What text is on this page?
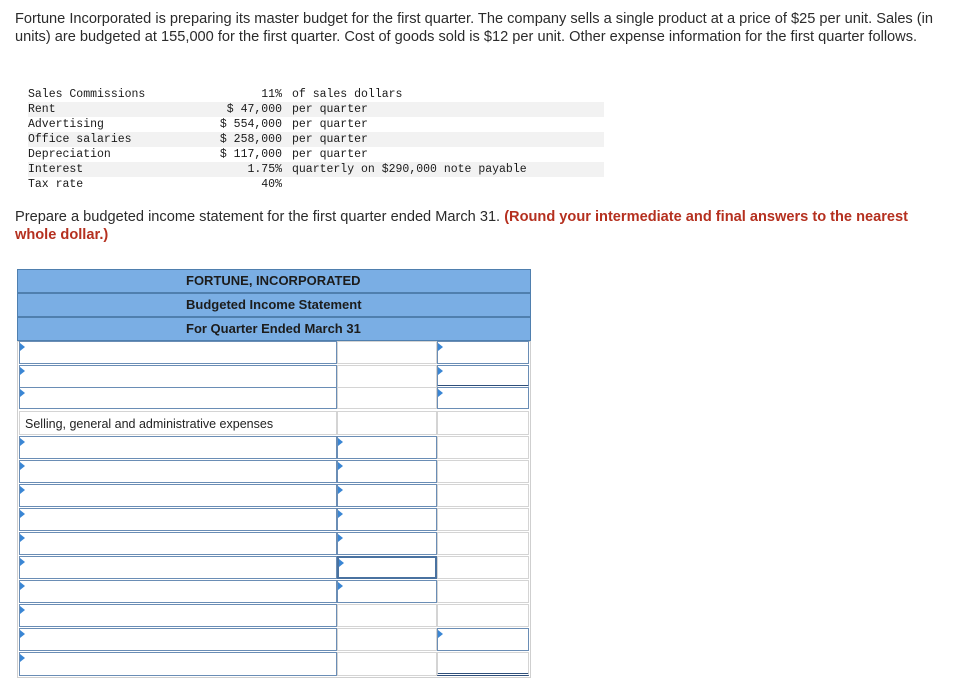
Fortune Incorporated is preparing its master budget for the first quarter. The company sells a single product at a price of $25 per unit. Sales (in units) are budgeted at 155,000 for the first quarter. Cost of goods sold is $12 per unit. Other expense information for the first quarter follows.
Sales Commissions	11%	of sales dollars
Rent	$ 47,000	per quarter
Advertising	$ 554,000	per quarter
Office salaries	$ 258,000	per quarter
Depreciation	$ 117,000	per quarter
Interest	1.75%	quarterly on $290,000 note payable
Tax rate	40%	
Prepare a budgeted income statement for the first quarter ended March 31. (Round your intermediate and final answers to the nearest whole dollar.)
FORTUNE, INCORPORATED
Budgeted Income Statement
For Quarter Ended March 31
Selling, general and administrative expenses
